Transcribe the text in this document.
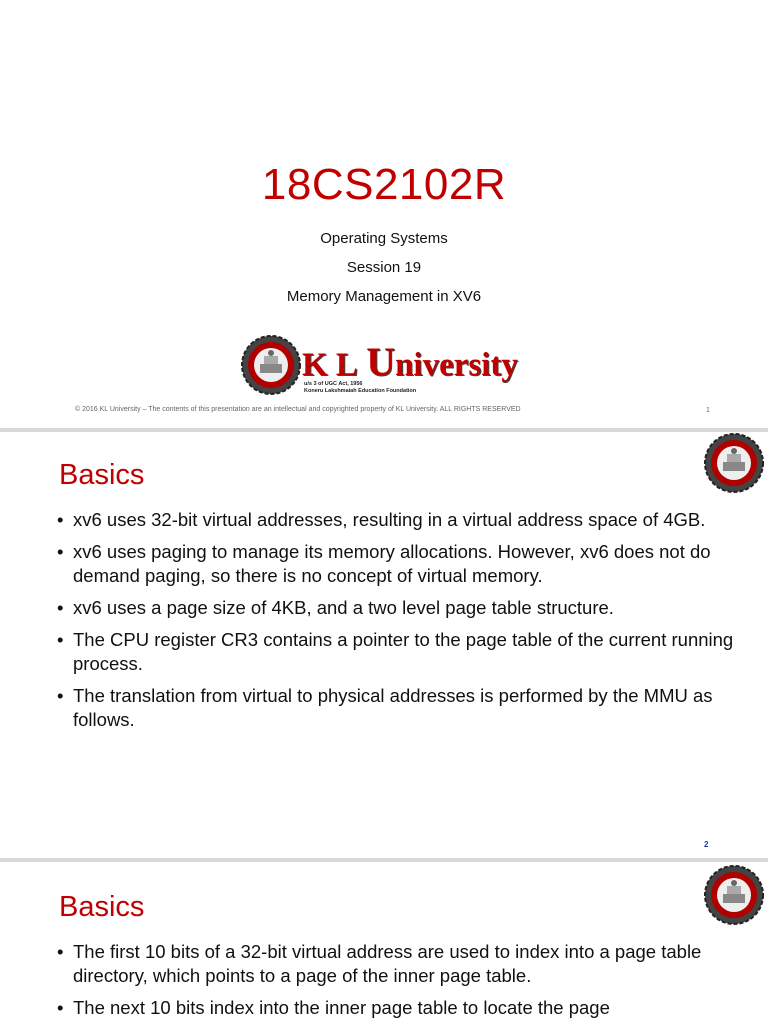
18CS2102R
Operating Systems
Session 19
Memory Management in XV6
K L University
u/s 3 of UGC Act, 1956
Koneru Lakshmaiah Education Foundation
© 2016 KL University – The contents of this presentation are an intellectual and copyrighted property of KL University. ALL RIGHTS RESERVED	1
Basics
• xv6 uses 32-bit virtual addresses, resulting in a virtual address space of 4GB.
• xv6 uses paging to manage its memory allocations. However, xv6 does not do demand paging, so there is no concept of virtual memory.
• xv6 uses a page size of 4KB, and a two level page table structure.
• The CPU register CR3 contains a pointer to the page table of the current running process.
• The translation from virtual to physical addresses is performed by the MMU as follows.
2
Basics
• The first 10 bits of a 32-bit virtual address are used to index into a page table directory, which points to a page of the inner page table.
• The next 10 bits index into the inner page table to locate the page
